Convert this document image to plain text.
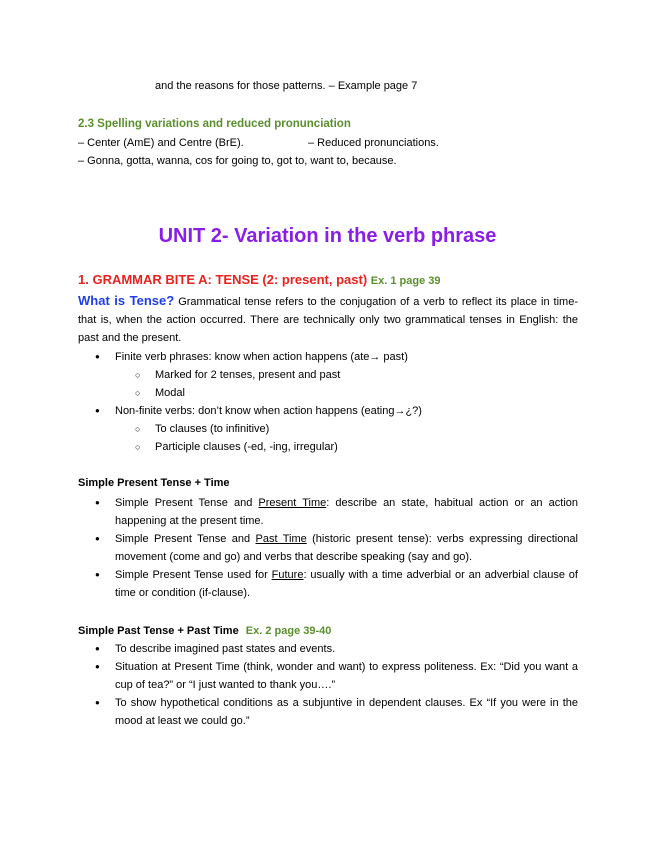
and the reasons for those patterns. – Example page 7
2.3 Spelling variations and reduced pronunciation
– Center (AmE) and Centre (BrE).	– Reduced pronunciations.
– Gonna, gotta, wanna, cos for going to, got to, want to, because.
UNIT 2- Variation in the verb phrase
1. GRAMMAR BITE A: TENSE (2: present, past) Ex. 1 page 39
What is Tense? Grammatical tense refers to the conjugation of a verb to reflect its place in time- that is, when the action occurred. There are technically only two grammatical tenses in English: the past and the present.
● Finite verb phrases: know when action happens (ate→ past)
○ Marked for 2 tenses, present and past
○ Modal
● Non-finite verbs: don’t know when action happens (eating→¿?)
○ To clauses (to infinitive)
○ Participle clauses (-ed, -ing, irregular)
Simple Present Tense + Time
● Simple Present Tense and Present Time: describe an state, habitual action or an action happening at the present time.
● Simple Present Tense and Past Time (historic present tense): verbs expressing directional movement (come and go) and verbs that describe speaking (say and go).
● Simple Present Tense used for Future: usually with a time adverbial or an adverbial clause of time or condition (if-clause).
Simple Past Tense + Past Time Ex. 2 page 39-40
● To describe imagined past states and events.
● Situation at Present Time (think, wonder and want) to express politeness. Ex: “Did you want a cup of tea?” or “I just wanted to thank you….”
● To show hypothetical conditions as a subjuntive in dependent clauses. Ex “If you were in the mood at least we could go.”
